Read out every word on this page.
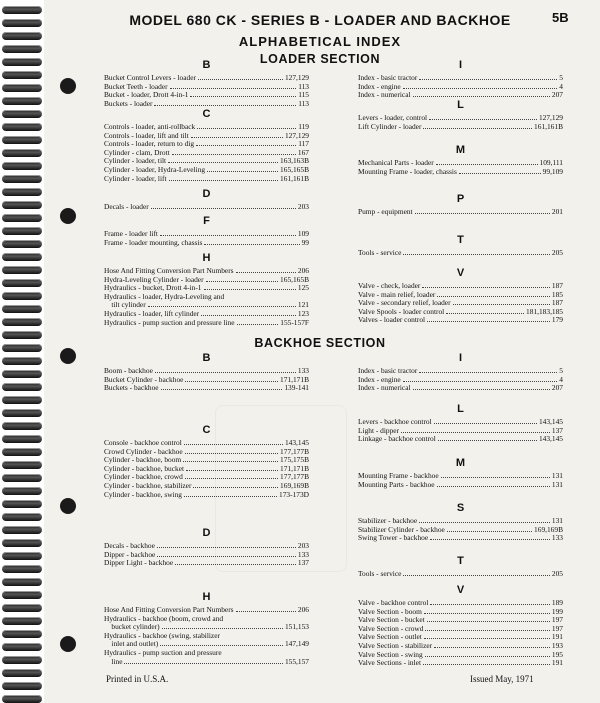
MODEL 680 CK - SERIES B - LOADER AND BACKHOE	5B
ALPHABETICAL INDEX
LOADER SECTION
BACKHOE SECTION
B
Bucket Control Levers - loader	127,129
Bucket Teeth - loader	113
Bucket - loader, Drott 4-in-1	115
Buckets - loader	113
C
Controls - loader, anti-rollback	119
Controls - loader, lift and tilt	127,129
Controls - loader, return to dig	117
Cylinder - clam, Drott	167
Cylinder - loader, tilt	163,163B
Cylinder - loader, Hydra-Leveling	165,165B
Cylinder - loader, lift	161,161B
D
Decals - loader	203
F
Frame - loader lift	109
Frame - loader mounting, chassis	99
H
Hose And Fitting Conversion Part Numbers	206
Hydra-Leveling Cylinder - loader	165,165B
Hydraulics - bucket, Drott 4-in-1	125
Hydraulics - loader, Hydra-Leveling and
tilt cylinder	121
Hydraulics - loader, lift cylinder	123
Hydraulics - pump suction and pressure line	155-157F
I
Index - basic tractor	5
Index - engine	4
Index - numerical	207
L
Levers - loader, control	127,129
Lift Cylinder - loader	161,161B
M
Mechanical Parts - loader	109,111
Mounting Frame - loader, chassis	99,109
P
Pump - equipment	201
T
Tools - service	205
V
Valve - check, loader	187
Valve - main relief, loader	185
Valve - secondary relief, loader	187
Valve Spools - loader control	181,183,185
Valves - loader control	179
B
Boom - backhoe	133
Bucket Cylinder - backhoe	171,171B
Buckets - backhoe	139-141
C
Console - backhoe control	143,145
Crowd Cylinder - backhoe	177,177B
Cylinder - backhoe, boom	175,175B
Cylinder - backhoe, bucket	171,171B
Cylinder - backhoe, crowd	177,177B
Cylinder - backhoe, stabilizer	169,169B
Cylinder - backhoe, swing	173-173D
D
Decals - backhoe	203
Dipper - backhoe	133
Dipper Light - backhoe	137
H
Hose And Fitting Conversion Part Numbers	206
Hydraulics - backhoe (boom, crowd and
bucket cylinder)	151,153
Hydraulics - backhoe (swing, stabilizer
inlet and outlet)	147,149
Hydraulics - pump suction and pressure
line	155,157
I
Index - basic tractor	5
Index - engine	4
Index - numerical	207
L
Levers - backhoe control	143,145
Light - dipper	137
Linkage - backhoe control	143,145
M
Mounting Frame - backhoe	131
Mounting Parts - backhoe	131
S
Stabilizer - backhoe	131
Stabilizer Cylinder - backhoe	169,169B
Swing Tower - backhoe	133
T
Tools - service	205
V
Valve - backhoe control	189
Valve Section - boom	199
Valve Section - bucket	197
Valve Section - crowd	197
Valve Section - outlet	191
Valve Section - stabilizer	193
Valve Section - swing	195
Valve Sections - inlet	191
Printed in U.S.A.	Issued May, 1971
